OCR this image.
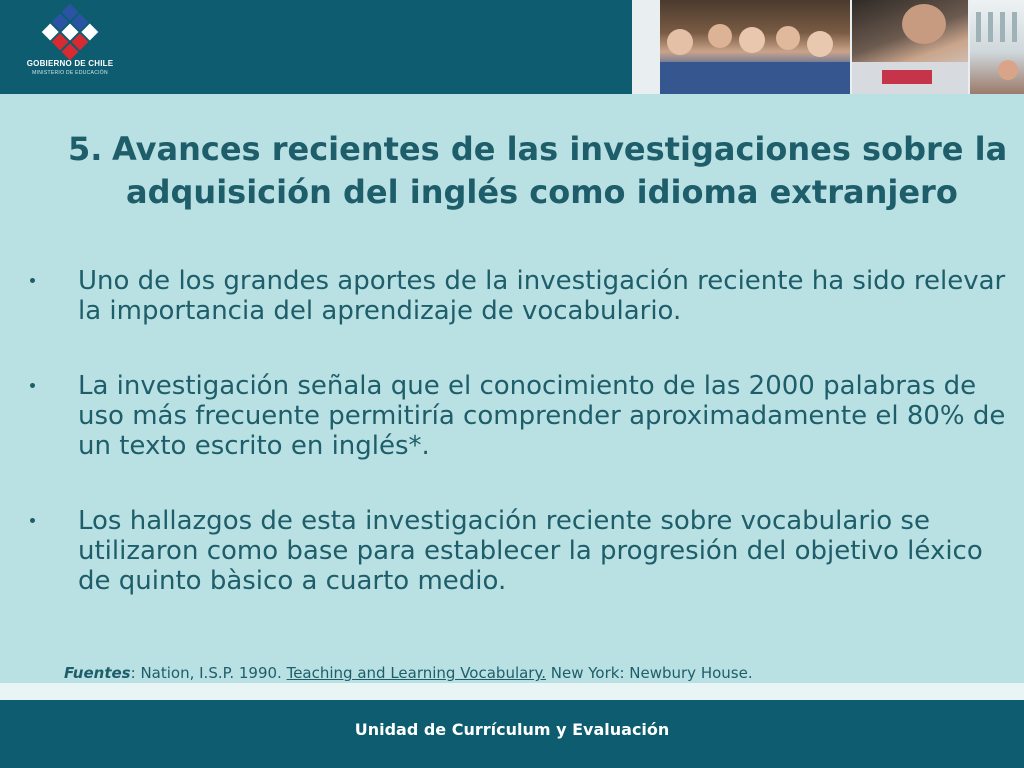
GOBIERNO DE CHILE
MINISTERIO DE EDUCACIÓN
5. Avances recientes de las investigaciones sobre la
adquisición del inglés como idioma extranjero
Uno de los grandes aportes de la investigación reciente ha sido relevar la importancia del aprendizaje de vocabulario.
La investigación señala que el conocimiento de las 2000 palabras de uso más frecuente permitiría comprender aproximadamente el 80% de un texto escrito en inglés*.
Los hallazgos de esta investigación reciente sobre vocabulario se utilizaron como base para establecer la progresión del objetivo léxico de quinto bàsico a cuarto medio.
Fuentes: Nation, I.S.P. 1990. Teaching and Learning Vocabulary. New York: Newbury House.
Unidad de Currículum y Evaluación
